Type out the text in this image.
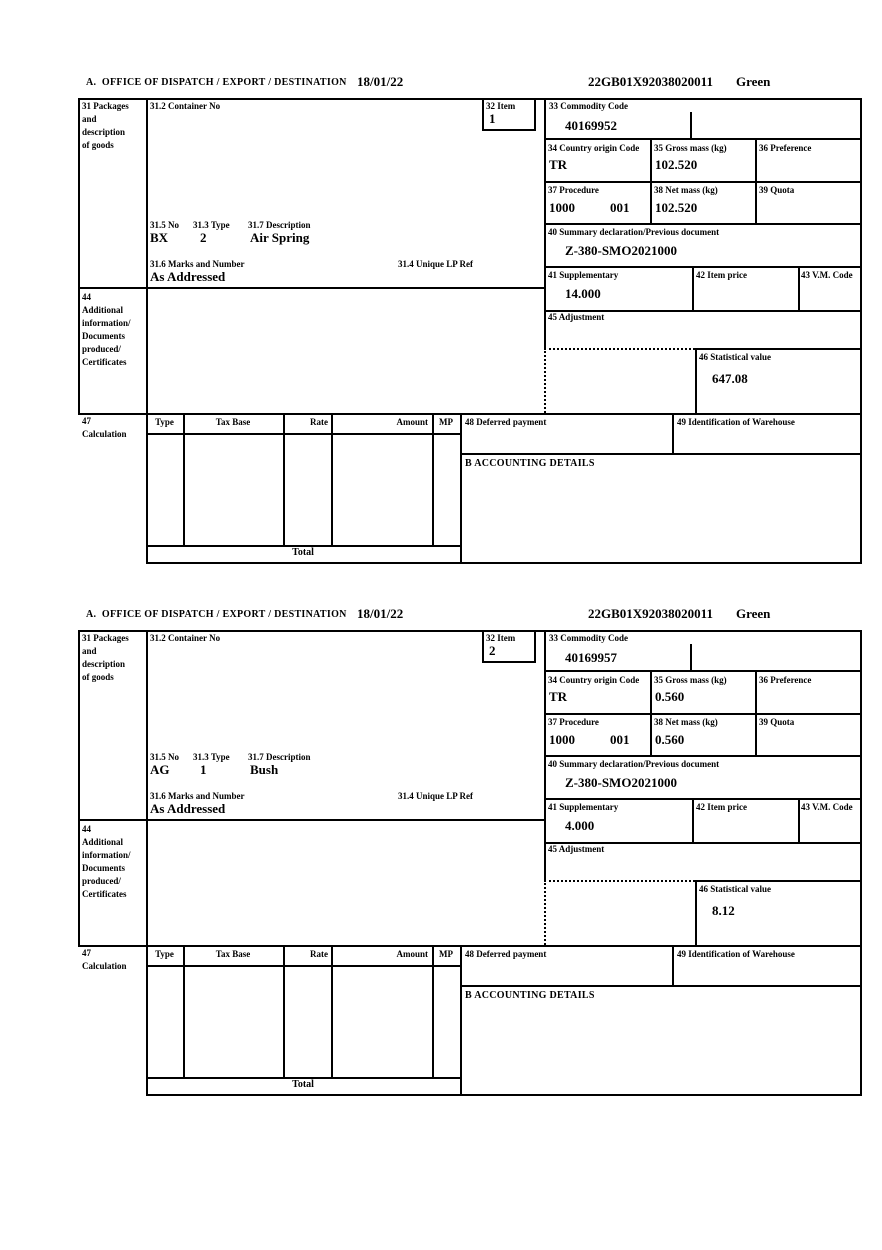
A.  OFFICE OF DISPATCH / EXPORT / DESTINATION 18/01/22	22GB01X92038020011 Green
31 Packages
and
description
of goods
44
Additional
information/
Documents
produced/
Certificates
47
Calculation
31.2 Container No	32 Item
1
31.5 No 31.3 Type 31.7 Description
BX 2	Air Spring
31.6 Marks and Number	31.4 Unique LP Ref
As Addressed
33 Commodity Code
40169952
34 Country origin Code
TR
35 Gross mass (kg)
102.520
36 Preference
37 Procedure
1000	001
38 Net mass (kg)
102.520
39 Quota
40 Summary declaration/Previous document
Z-380-SMO2021000
41 Supplementary
14.000
42 Item price	43 V.M. Code
45 Adjustment
46 Statistical value
647.08
Type	Tax Base	Rate	Amount	MP	48 Deferred payment	49 Identification of Warehouse
B ACCOUNTING DETAILS
Total
A.  OFFICE OF DISPATCH / EXPORT / DESTINATION 18/01/22	22GB01X92038020011 Green
31 Packages
and
description
of goods
44
Additional
information/
Documents
produced/
Certificates
47
Calculation
31.2 Container No	32 Item
2
31.5 No 31.3 Type 31.7 Description
AG 1	Bush
31.6 Marks and Number	31.4 Unique LP Ref
As Addressed
33 Commodity Code
40169957
34 Country origin Code
TR
35 Gross mass (kg)
0.560
36 Preference
37 Procedure
1000	001
38 Net mass (kg)
0.560
39 Quota
40 Summary declaration/Previous document
Z-380-SMO2021000
41 Supplementary
4.000
42 Item price	43 V.M. Code
45 Adjustment
46 Statistical value
8.12
Type	Tax Base	Rate	Amount	MP	48 Deferred payment	49 Identification of Warehouse
B ACCOUNTING DETAILS
Total
